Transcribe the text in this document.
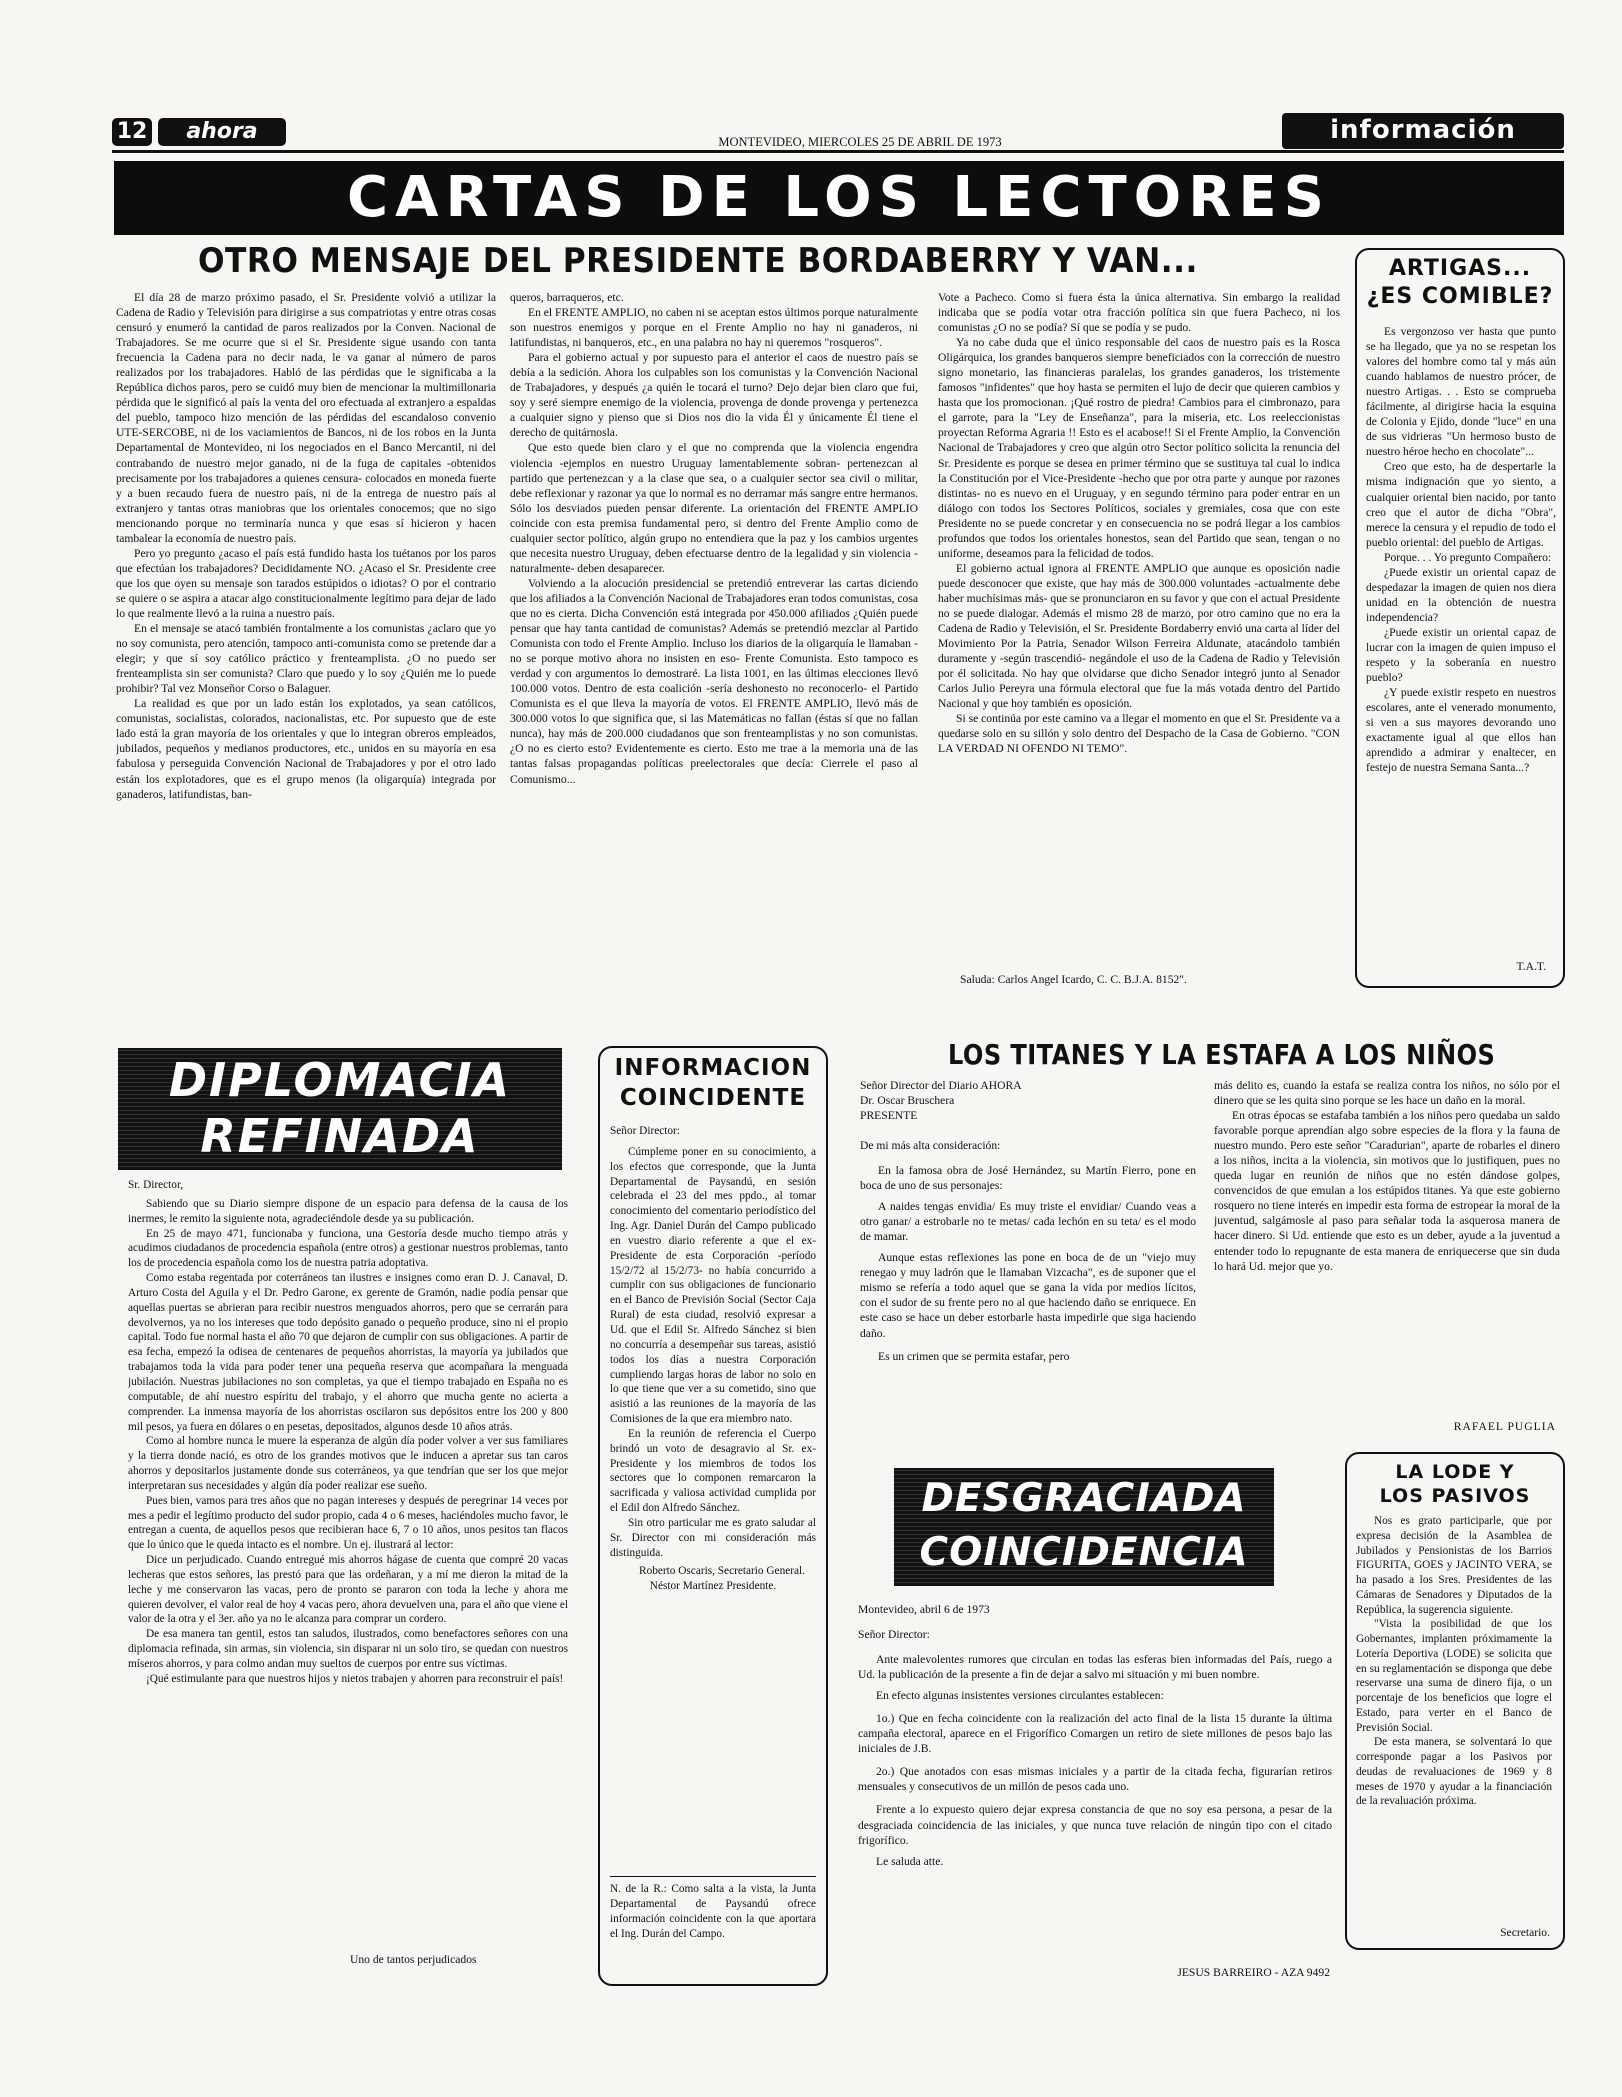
12	ahora	MONTEVIDEO, MIERCOLES 25 DE ABRIL DE 1973	información
CARTAS DE LOS LECTORES
OTRO MENSAJE DEL PRESIDENTE BORDABERRY Y VAN...

El día 28 de marzo próximo pasado, el Sr. Presidente volvió a utilizar la Cadena de Radio y Televisión para dirigirse a sus compatriotas y entre otras cosas censuró y enumeró la cantidad de paros realizados por la Conven. Nacional de Trabajadores. Se me ocurre que si el Sr. Presidente sigue usando con tanta frecuencia la Cadena para no decir nada, le va ganar al número de paros realizados por los trabajadores. Habló de las pérdidas que le significaba a la República dichos paros, pero se cuidó muy bien de mencionar la multimillonaria pérdida que le significó al país la venta del oro efectuada al extranjero a espaldas del pueblo, tampoco hizo mención de las pérdidas del escandaloso convenio UTE-SERCOBE, ni de los vaciamientos de Bancos, ni de los robos en la Junta Departamental de Montevideo, ni los negociados en el Banco Mercantil, ni del contrabando de nuestro mejor ganado, ni de la fuga de capitales -obtenidos precisamente por los trabajadores a quienes censura- colocados en moneda fuerte y a buen recaudo fuera de nuestro país, ni de la entrega de nuestro país al extranjero y tantas otras maniobras que los orientales conocemos; que no sigo mencionando porque no terminaría nunca y que esas sí hicieron y hacen tambalear la economía de nuestro país.

Pero yo pregunto ¿acaso el país está fundido hasta los tuétanos por los paros que efectúan los trabajadores? Decididamente NO. ¿Acaso el Sr. Presidente cree que los que oyen su mensaje son tarados estúpidos o idiotas? O por el contrario se quiere o se aspira a atacar algo constitucionalmente legítimo para dejar de lado lo que realmente llevó a la ruina a nuestro país.

En el mensaje se atacó también frontalmente a los comunistas ¿aclaro que yo no soy comunista, pero atención, tampoco anti-comunista como se pretende dar a elegir; y que sí soy católico práctico y frenteamplista. ¿O no puedo ser frenteamplista sin ser comunista? Claro que puedo y lo soy ¿Quién me lo puede prohibir? Tal vez Monseñor Corso o Balaguer.

La realidad es que por un lado están los explotados, ya sean católicos, comunistas, socialistas, colorados, nacionalistas, etc. Por supuesto que de este lado está la gran mayoría de los orientales y que lo integran obreros empleados, jubilados, pequeños y medianos productores, etc., unidos en su mayoría en esa fabulosa y perseguida Convención Nacional de Trabajadores y por el otro lado están los explotadores, que es el grupo menos (la oligarquía) integrada por ganaderos, latifundistas, ban-

queros, barraqueros, etc.

En el FRENTE AMPLIO, no caben ni se aceptan estos últimos porque naturalmente son nuestros enemigos y porque en el Frente Amplio no hay ni ganaderos, ni latifundistas, ni banqueros, etc., en una palabra no hay ni queremos "rosqueros".

Para el gobierno actual y por supuesto para el anterior el caos de nuestro país se debía a la sedición. Ahora los culpables son los comunistas y la Convención Nacional de Trabajadores, y después ¿a quién le tocará el turno? Dejo dejar bien claro que fui, soy y seré siempre enemigo de la violencia, provenga de donde provenga y pertenezca a cualquier signo y pienso que si Dios nos dio la vida Él y únicamente Él tiene el derecho de quitárnosla.

Que esto quede bien claro y el que no comprenda que la violencia engendra violencia -ejemplos en nuestro Uruguay lamentablemente sobran- pertenezcan al partido que pertenezcan y a la clase que sea, o a cualquier sector sea civil o militar, debe reflexionar y razonar ya que lo normal es no derramar más sangre entre hermanos. Sólo los desviados pueden pensar diferente. La orientación del FRENTE AMPLIO coincide con esta premisa fundamental pero, si dentro del Frente Amplio como de cualquier sector político, algún grupo no entendiera que la paz y los cambios urgentes que necesita nuestro Uruguay, deben efectuarse dentro de la legalidad y sin violencia -naturalmente- deben desaparecer.

Volviendo a la alocución presidencial se pretendió entreverar las cartas diciendo que los afiliados a la Convención Nacional de Trabajadores eran todos comunistas, cosa que no es cierta. Dicha Convención está integrada por 450.000 afiliados ¿Quién puede pensar que hay tanta cantidad de comunistas? Además se pretendió mezclar al Partido Comunista con todo el Frente Amplio. Incluso los diarios de la oligarquía le llamaban -no se porque motivo ahora no insisten en eso- Frente Comunista. Esto tampoco es verdad y con argumentos lo demostraré. La lista 1001, en las últimas elecciones llevó 100.000 votos. Dentro de esta coalición -sería deshonesto no reconocerlo- el Partido Comunista es el que lleva la mayoría de votos. El FRENTE AMPLIO, llevó más de 300.000 votos lo que significa que, si las Matemáticas no fallan (éstas sí que no fallan nunca), hay más de 200.000 ciudadanos que son frenteamplistas y no son comunistas. ¿O no es cierto esto? Evidentemente es cierto. Esto me trae a la memoria una de las tantas falsas propagandas políticas preelectorales que decía: Cierrele el paso al Comunismo...

Vote a Pacheco. Como si fuera ésta la única alternativa. Sin embargo la realidad indicaba que se podía votar otra fracción política sin que fuera Pacheco, ni los comunistas ¿O no se podía? Sí que se podía y se pudo.

Ya no cabe duda que el único responsable del caos de nuestro país es la Rosca Oligárquica, los grandes banqueros siempre beneficiados con la corrección de nuestro signo monetario, las financieras paralelas, los grandes ganaderos, los tristemente famosos "infidentes" que hoy hasta se permiten el lujo de decir que quieren cambios y hasta que los promocionan. ¡Qué rostro de piedra! Cambios para el cimbronazo, para el garrote, para la "Ley de Enseñanza", para la miseria, etc. Los reeleccionistas proyectan Reforma Agraria !! Esto es el acabose!! Si el Frente Amplio, la Convención Nacional de Trabajadores y creo que algún otro Sector político solicita la renuncia del Sr. Presidente es porque se desea en primer término que se sustituya tal cual lo indica la Constitución por el Vice-Presidente -hecho que por otra parte y aunque por razones distintas- no es nuevo en el Uruguay, y en segundo término para poder entrar en un diálogo con todos los Sectores Políticos, sociales y gremiales, cosa que con este Presidente no se puede concretar y en consecuencia no se podrá llegar a los cambios profundos que todos los orientales honestos, sean del Partido que sean, tengan o no uniforme, deseamos para la felicidad de todos.

El gobierno actual ignora al FRENTE AMPLIO que aunque es oposición nadie puede desconocer que existe, que hay más de 300.000 voluntades -actualmente debe haber muchísimas más- que se pronunciaron en su favor y que con el actual Presidente no se puede dialogar. Además el mismo 28 de marzo, por otro camino que no era la Cadena de Radio y Televisión, el Sr. Presidente Bordaberry envió una carta al líder del Movimiento Por la Patria, Senador Wilson Ferreira Aldunate, atacándolo también duramente y -según trascendió- negándole el uso de la Cadena de Radio y Televisión por él solicitada. No hay que olvidarse que dicho Senador integró junto al Senador Carlos Julio Pereyra una fórmula electoral que fue la más votada dentro del Partido Nacional y que hoy también es oposición.

Si se continúa por este camino va a llegar el momento en que el Sr. Presidente va a quedarse solo en su sillón y solo dentro del Despacho de la Casa de Gobierno. "CON LA VERDAD NI OFENDO NI TEMO".

Saluda: Carlos Angel Icardo, C. C. B.J.A. 8152".
ARTIGAS...
¿ES COMIBLE?

Es vergonzoso ver hasta que punto se ha llegado, que ya no se respetan los valores del hombre como tal y más aún cuando hablamos de nuestro prócer, de nuestro Artigas. . . Esto se comprueba fácilmente, al dirigirse hacia la esquina de Colonia y Ejido, donde "luce" en una de sus vidrieras "Un hermoso busto de nuestro héroe hecho en chocolate"...

Creo que esto, ha de despertarle la misma indignación que yo siento, a cualquier oriental bien nacido, por tanto creo que el autor de dicha "Obra", merece la censura y el repudio de todo el pueblo oriental: del pueblo de Artigas.

Porque. . . Yo pregunto Compañero:

¿Puede existir un oriental capaz de despedazar la imagen de quien nos diera unidad en la obtención de nuestra independencia?

¿Puede existir un oriental capaz de lucrar con la imagen de quien impuso el respeto y la soberanía en nuestro pueblo?

¿Y puede existir respeto en nuestros escolares, ante el venerado monumento, si ven a sus mayores devorando uno exactamente igual al que ellos han aprendido a admirar y enaltecer, en festejo de nuestra Semana Santa...?

T.A.T.
DIPLOMACIA
REFINADA

Sr. Director,

Sabiendo que su Diario siempre dispone de un espacio para defensa de la causa de los inermes, le remito la siguiente nota, agradeciéndole desde ya su publicación.

En 25 de mayo 471, funcionaba y funciona, una Gestoría desde mucho tiempo atrás y acudimos ciudadanos de procedencia española (entre otros) a gestionar nuestros problemas, tanto los de procedencia española como los de nuestra patria adoptativa.

Como estaba regentada por coterráneos tan ilustres e insignes como eran D. J. Canaval, D. Arturo Costa del Aguila y el Dr. Pedro Garone, ex gerente de Gramón, nadie podía pensar que aquellas puertas se abrieran para recibir nuestros menguados ahorros, pero que se cerrarán para devolvernos, ya no los intereses que todo depósito ganado o pequeño produce, sino ni el propio capital. Todo fue normal hasta el año 70 que dejaron de cumplir con sus obligaciones. A partir de esa fecha, empezó la odisea de centenares de pequeños ahorristas, la mayoría ya jubilados que trabajamos toda la vida para poder tener una pequeña reserva que acompañara la menguada jubilación. Nuestras jubilaciones no son completas, ya que el tiempo trabajado en España no es computable, de ahí nuestro espíritu del trabajo, y el ahorro que mucha gente no acierta a comprender. La inmensa mayoría de los ahorristas oscilaron sus depósitos entre los 200 y 800 mil pesos, ya fuera en dólares o en pesetas, depositados, algunos desde 10 años atrás.

Como al hombre nunca le muere la esperanza de algún día poder volver a ver sus familiares y la tierra donde nació, es otro de los grandes motivos que le inducen a apretar sus tan caros ahorros y depositarlos justamente donde sus coterráneos, ya que tendrían que ser los que mejor interpretaran sus necesidades y algún día poder realizar ese sueño.

Pues bien, vamos para tres años que no pagan intereses y después de peregrinar 14 veces por mes a pedir el legítimo producto del sudor propio, cada 4 o 6 meses, haciéndoles mucho favor, le entregan a cuenta, de aquellos pesos que recibieran hace 6, 7 o 10 años, unos pesitos tan flacos que lo único que le queda intacto es el nombre. Un ej. ilustrará al lector:

Dice un perjudicado. Cuando entregué mis ahorros hágase de cuenta que compré 20 vacas lecheras que estos señores, las prestó para que las ordeñaran, y a mí me dieron la mitad de la leche y me conservaron las vacas, pero de pronto se pararon con toda la leche y ahora me quieren devolver, el valor real de hoy 4 vacas pero, ahora devuelven una, para el año que viene el valor de la otra y el 3er. año ya no le alcanza para comprar un cordero.

De esa manera tan gentil, estos tan saludos, ilustrados, como benefactores señores con una diplomacia refinada, sin armas, sin violencia, sin disparar ni un solo tiro, se quedan con nuestros míseros ahorros, y para colmo andan muy sueltos de cuerpos por entre sus víctimas.

¡Qué estimulante para que nuestros hijos y nietos trabajen y ahorren para reconstruir el país!

Uno de tantos perjudicados
INFORMACION
COINCIDENTE

Señor Director:

Cúmpleme poner en su conocimiento, a los efectos que corresponde, que la Junta Departamental de Paysandú, en sesión celebrada el 23 del mes ppdo., al tomar conocimiento del comentario periodístico del Ing. Agr. Daniel Durán del Campo publicado en vuestro diario referente a que el ex-Presidente de esta Corporación -período 15/2/72 al 15/2/73- no había concurrido a cumplir con sus obligaciones de funcionario en el Banco de Previsión Social (Sector Caja Rural) de esta ciudad, resolvió expresar a Ud. que el Edil Sr. Alfredo Sánchez si bien no concurría a desempeñar sus tareas, asistió todos los días a nuestra Corporación cumpliendo largas horas de labor no solo en lo que tiene que ver a su cometido, sino que asistió a las reuniones de la mayoría de las Comisiones de la que era miembro nato.

En la reunión de referencia el Cuerpo brindó un voto de desagravio al Sr. ex-Presidente y los miembros de todos los sectores que lo componen remarcaron la sacrificada y valiosa actividad cumplida por el Edil don Alfredo Sánchez.

Sin otro particular me es grato saludar al Sr. Director con mi consideración más distinguida.

Roberto Oscaris, Secretario General. Néstor Martínez Presidente.

N. de la R.: Como salta a la vista, la Junta Departamental de Paysandú ofrece información coincidente con la que aportara el Ing. Durán del Campo.

LOS TITANES Y LA ESTAFA A LOS NIÑOS
Señor Director del Diario AHORA
Dr. Oscar Bruschera
PRESENTE

De mi más alta consideración:

En la famosa obra de José Hernández, su Martín Fierro, pone en boca de uno de sus personajes:

A naides tengas envidia/ Es muy triste el envidiar/ Cuando veas a otro ganar/ a estrobarle no te metas/ cada lechón en su teta/ es el modo de mamar.

Aunque estas reflexiones las pone en boca de de un "viejo muy renegao y muy ladrón que le llamaban Vizcacha", es de suponer que el mismo se refería a todo aquel que se gana la vida por medios lícitos, con el sudor de su frente pero no al que haciendo daño se enriquece. En este caso se hace un deber estorbarle hasta impedirle que siga haciendo daño.

Es un crimen que se permita estafar, pero

más delito es, cuando la estafa se realiza contra los niños, no sólo por el dinero que se les quita sino porque se les hace un daño en la moral.

En otras épocas se estafaba también a los niños pero quedaba un saldo favorable porque aprendían algo sobre especies de la flora y la fauna de nuestro mundo. Pero este señor "Caradurian", aparte de robarles el dinero a los niños, incita a la violencia, sin motivos que lo justifiquen, pues no queda lugar en reunión de niños que no estén dándose golpes, convencidos de que emulan a los estúpidos titanes. Ya que este gobierno rosquero no tiene interés en impedir esta forma de estropear la moral de la juventud, salgámosle al paso para señalar toda la asquerosa manera de hacer dinero. Si Ud. entiende que esto es un deber, ayude a la juventud a entender todo lo repugnante de esta manera de enriquecerse que sin duda lo hará Ud. mejor que yo.

RAFAEL PUGLIA
DESGRACIADA
COINCIDENCIA

Montevideo, abril 6 de 1973

Señor Director:

Ante malevolentes rumores que circulan en todas las esferas bien informadas del País, ruego a Ud. la publicación de la presente a fin de dejar a salvo mi situación y mi buen nombre.

En efecto algunas insistentes versiones circulantes establecen:

1o.) Que en fecha coincidente con la realización del acto final de la lista 15 durante la última campaña electoral, aparece en el Frigorífico Comargen un retiro de siete millones de pesos bajo las iniciales de J.B.

2o.) Que anotados con esas mismas iniciales y a partir de la citada fecha, figurarían retiros mensuales y consecutivos de un millón de pesos cada uno.

Frente a lo expuesto quiero dejar expresa constancia de que no soy esa persona, a pesar de la desgraciada coincidencia de las iniciales, y que nunca tuve relación de ningún tipo con el citado frigorífico.

Le saluda atte.

JESUS BARREIRO - AZA 9492
LA LODE Y
LOS PASIVOS

Nos es grato participarle, que por expresa decisión de la Asamblea de Jubilados y Pensionistas de los Barrios FIGURITA, GOES y JACINTO VERA, se ha pasado a los Sres. Presidentes de las Cámaras de Senadores y Diputados de la República, la sugerencia siguiente.

"Vista la posibilidad de que los Gobernantes, implanten próximamente la Lotería Deportiva (LODE) se solicita que en su reglamentación se disponga que debe reservarse una suma de dinero fija, o un porcentaje de los beneficios que logre el Estado, para verter en el Banco de Previsión Social.

De esta manera, se solventará lo que corresponde pagar a los Pasivos por deudas de revaluaciones de 1969 y 8 meses de 1970 y ayudar a la financiación de la revaluación próxima.

Secretario.
